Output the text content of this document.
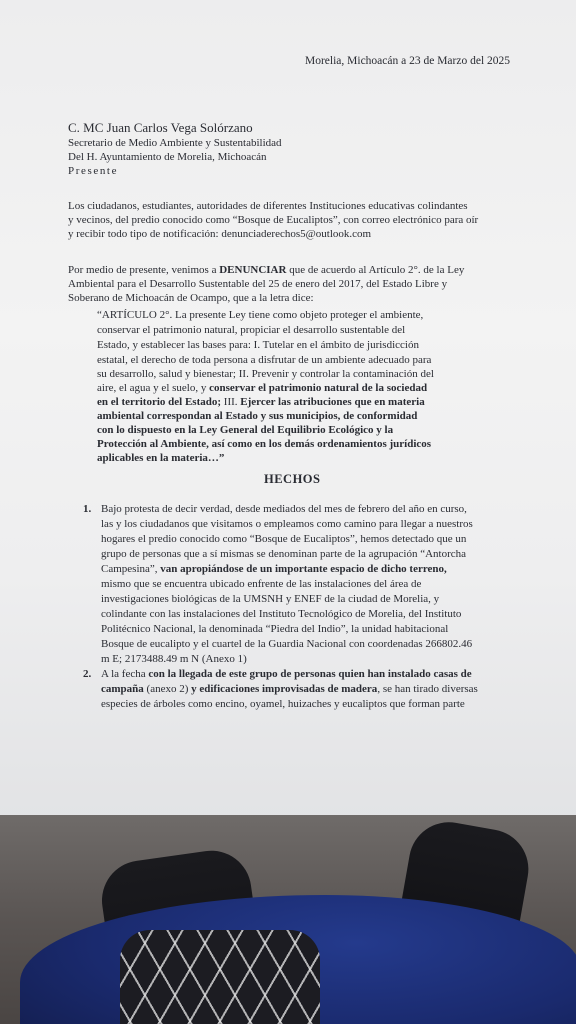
Morelia, Michoacán a 23 de Marzo del 2025
C. MC Juan Carlos Vega Solórzano
Secretario de Medio Ambiente y Sustentabilidad
Del H. Ayuntamiento de Morelia, Michoacán
Presente
Los ciudadanos, estudiantes, autoridades de diferentes Instituciones educativas colindantes
y vecinos, del predio conocido como “Bosque de Eucaliptos”, con correo electrónico para oír
y recibir todo tipo de notificación: denunciaderechos5@outlook.com
Por medio de presente, venimos a DENUNCIAR que de acuerdo al Artículo 2°. de la Ley
Ambiental para el Desarrollo Sustentable del 25 de enero del 2017, del Estado Libre y
Soberano de Michoacán de Ocampo, que a la letra dice:
“ARTÍCULO 2°. La presente Ley tiene como objeto proteger el ambiente,
conservar el patrimonio natural, propiciar el desarrollo sustentable del
Estado, y establecer las bases para: I. Tutelar en el ámbito de jurisdicción
estatal, el derecho de toda persona a disfrutar de un ambiente adecuado para
su desarrollo, salud y bienestar; II. Prevenir y controlar la contaminación del
aire, el agua y el suelo, y conservar el patrimonio natural de la sociedad
en el territorio del Estado; III. Ejercer las atribuciones que en materia
ambiental correspondan al Estado y sus municipios, de conformidad
con lo dispuesto en la Ley General del Equilibrio Ecológico y la
Protección al Ambiente, así como en los demás ordenamientos jurídicos
aplicables en la materia…”
HECHOS
1. Bajo protesta de decir verdad, desde mediados del mes de febrero del año en curso,
las y los ciudadanos que visitamos o empleamos como camino para llegar a nuestros
hogares el predio conocido como “Bosque de Eucaliptos”, hemos detectado que un
grupo de personas que a sí mismas se denominan parte de la agrupación “Antorcha
Campesina”, van apropiándose de un importante espacio de dicho terreno,
mismo que se encuentra ubicado enfrente de las instalaciones del área de
investigaciones biológicas de la UMSNH y ENEF de la ciudad de Morelia, y
colindante con las instalaciones del Instituto Tecnológico de Morelia, del Instituto
Politécnico Nacional, la denominada “Piedra del Indio”, la unidad habitacional
Bosque de eucalipto y el cuartel de la Guardia Nacional con coordenadas 266802.46
m E; 2173488.49 m N (Anexo 1)
2. A la fecha con la llegada de este grupo de personas quien han instalado casas de
campaña (anexo 2) y edificaciones improvisadas de madera, se han tirado diversas
especies de árboles como encino, oyamel, huizaches y eucaliptos que forman parte
